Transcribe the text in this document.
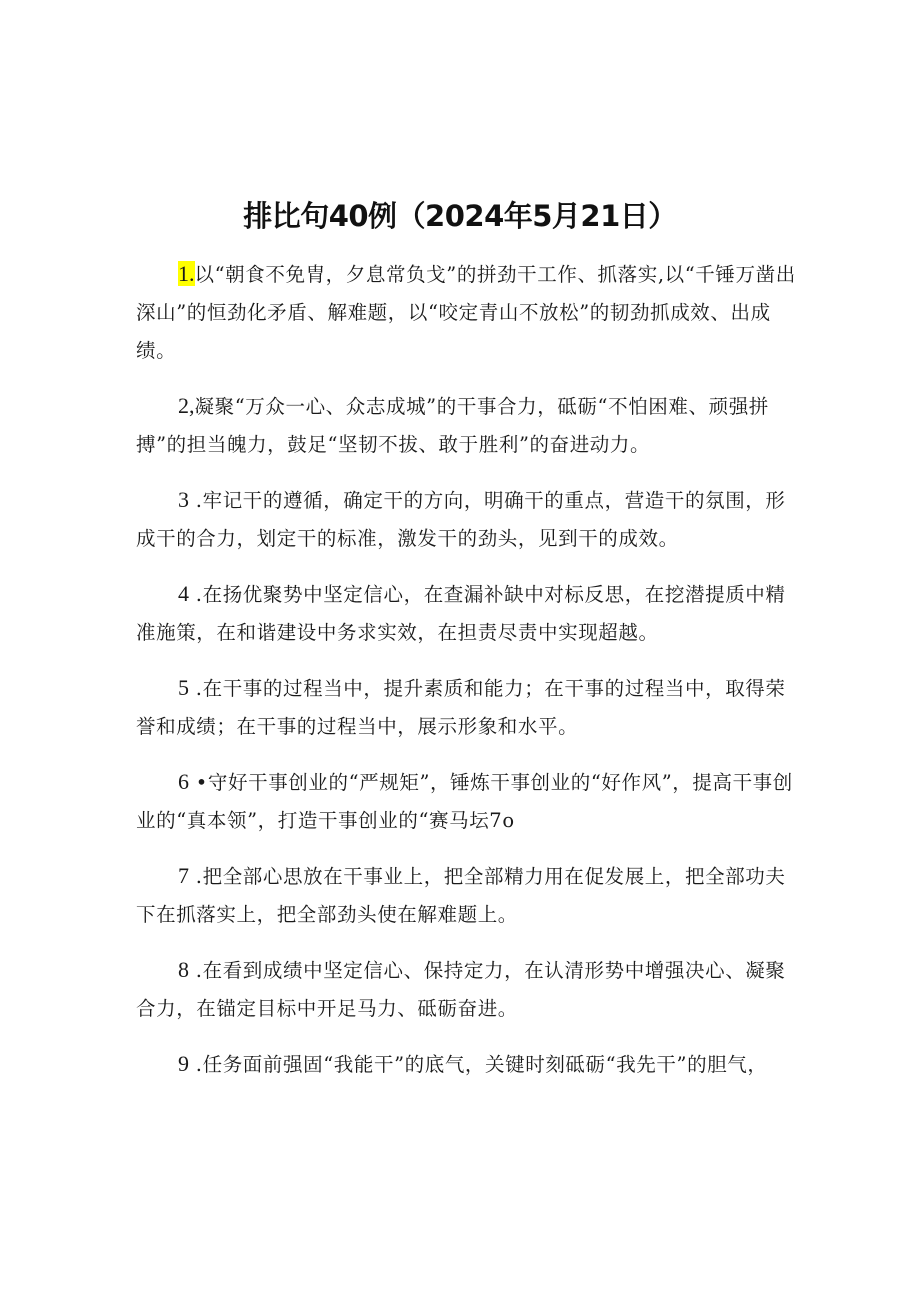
排比句40例（2024年5月21日）

1.以“朝食不免胄，夕息常负戈”的拼劲干工作、抓落实,以“千锤万凿出深山”的恒劲化矛盾、解难题，以“咬定青山不放松”的韧劲抓成效、出成绩。

2,凝聚“万众一心、众志成城”的干事合力，砥砺“不怕困难、顽强拼搏”的担当魄力，鼓足“坚韧不拔、敢于胜利”的奋进动力。

3 .牢记干的遵循，确定干的方向，明确干的重点，营造干的氛围，形成干的合力，划定干的标准，激发干的劲头，见到干的成效。

4 .在扬优聚势中坚定信心，在查漏补缺中对标反思，在挖潜提质中精准施策，在和谐建设中务求实效，在担责尽责中实现超越。

5 .在干事的过程当中，提升素质和能力；在干事的过程当中，取得荣誉和成绩；在干事的过程当中，展示形象和水平。

6 •守好干事创业的“严规矩”，锤炼干事创业的“好作风”，提高干事创业的“真本领”，打造干事创业的“赛马坛7o

7 .把全部心思放在干事业上，把全部精力用在促发展上，把全部功夫下在抓落实上，把全部劲头使在解难题上。

8 .在看到成绩中坚定信心、保持定力，在认清形势中增强决心、凝聚合力，在锚定目标中开足马力、砥砺奋进。

9 .任务面前强固“我能干”的底气，关键时刻砥砺“我先干”的胆气，
